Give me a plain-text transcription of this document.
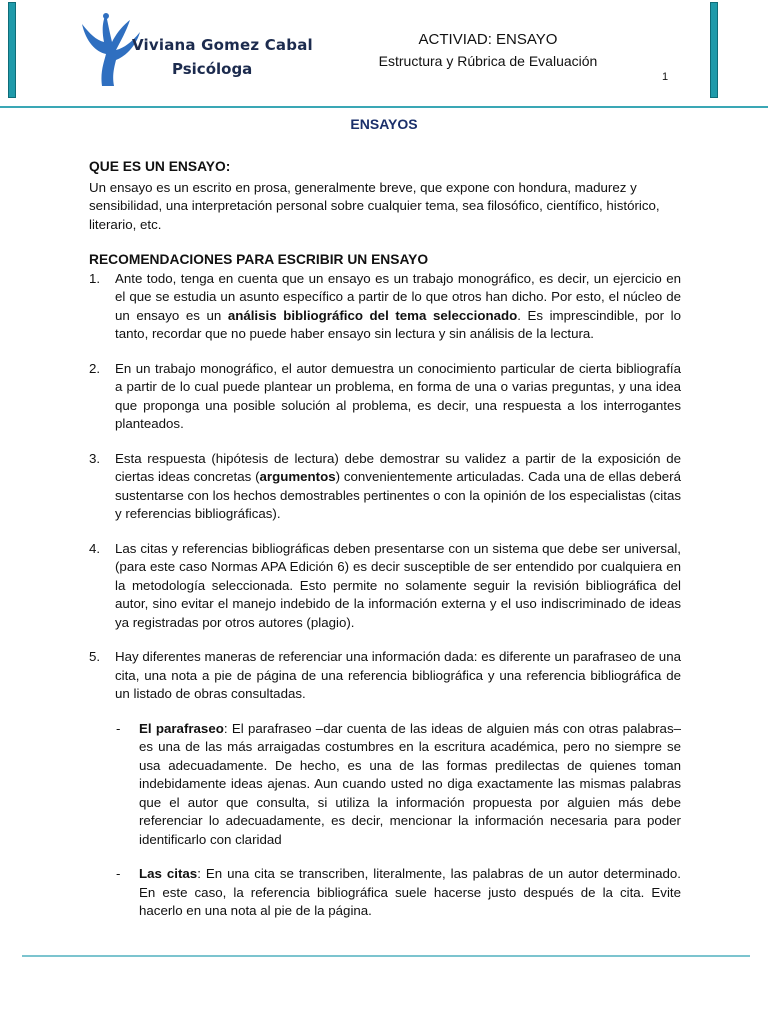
Viviana Gomez Cabal
Psicóloga
ACTIVIAD: ENSAYO
Estructura y Rúbrica de Evaluación
1
ENSAYOS

QUE ES UN ENSAYO:

Un ensayo es un escrito en prosa, generalmente breve, que expone con hondura, madurez y sensibilidad, una interpretación personal sobre cualquier tema, sea filosófico, científico, histórico, literario, etc.

RECOMENDACIONES PARA ESCRIBIR UN ENSAYO

1. Ante todo, tenga en cuenta que un ensayo es un trabajo monográfico, es decir, un ejercicio en el que se estudia un asunto específico a partir de lo que otros han dicho. Por esto, el núcleo de un ensayo es un análisis bibliográfico del tema seleccionado. Es imprescindible, por lo tanto, recordar que no puede haber ensayo sin lectura y sin análisis de la lectura.
2. En un trabajo monográfico, el autor demuestra un conocimiento particular de cierta bibliografía a partir de lo cual puede plantear un problema, en forma de una o varias preguntas, y una idea que proponga una posible solución al problema, es decir, una respuesta a los interrogantes planteados.
3. Esta respuesta (hipótesis de lectura) debe demostrar su validez a partir de la exposición de ciertas ideas concretas (argumentos) convenientemente articuladas. Cada una de ellas deberá sustentarse con los hechos demostrables pertinentes o con la opinión de los especialistas (citas y referencias bibliográficas).
4. Las citas y referencias bibliográficas deben presentarse con un sistema que debe ser universal, (para este caso Normas APA Edición 6) es decir susceptible de ser entendido por cualquiera en la metodología seleccionada. Esto permite no solamente seguir la revisión bibliográfica del autor, sino evitar el manejo indebido de la información externa y el uso indiscriminado de ideas ya registradas por otros autores (plagio).
5. Hay diferentes maneras de referenciar una información dada: es diferente un parafraseo de una cita, una nota a pie de página de una referencia bibliográfica y una referencia bibliográfica de un listado de obras consultadas.
- El parafraseo: El parafraseo –dar cuenta de las ideas de alguien más con otras palabras– es una de las más arraigadas costumbres en la escritura académica, pero no siempre se usa adecuadamente. De hecho, es una de las formas predilectas de quienes toman indebidamente ideas ajenas. Aun cuando usted no diga exactamente las mismas palabras que el autor que consulta, si utiliza la información propuesta por alguien más debe referenciar lo adecuadamente, es decir, mencionar la información necesaria para poder identificarlo con claridad
- Las citas: En una cita se transcriben, literalmente, las palabras de un autor determinado. En este caso, la referencia bibliográfica suele hacerse justo después de la cita. Evite hacerlo en una nota al pie de la página.
